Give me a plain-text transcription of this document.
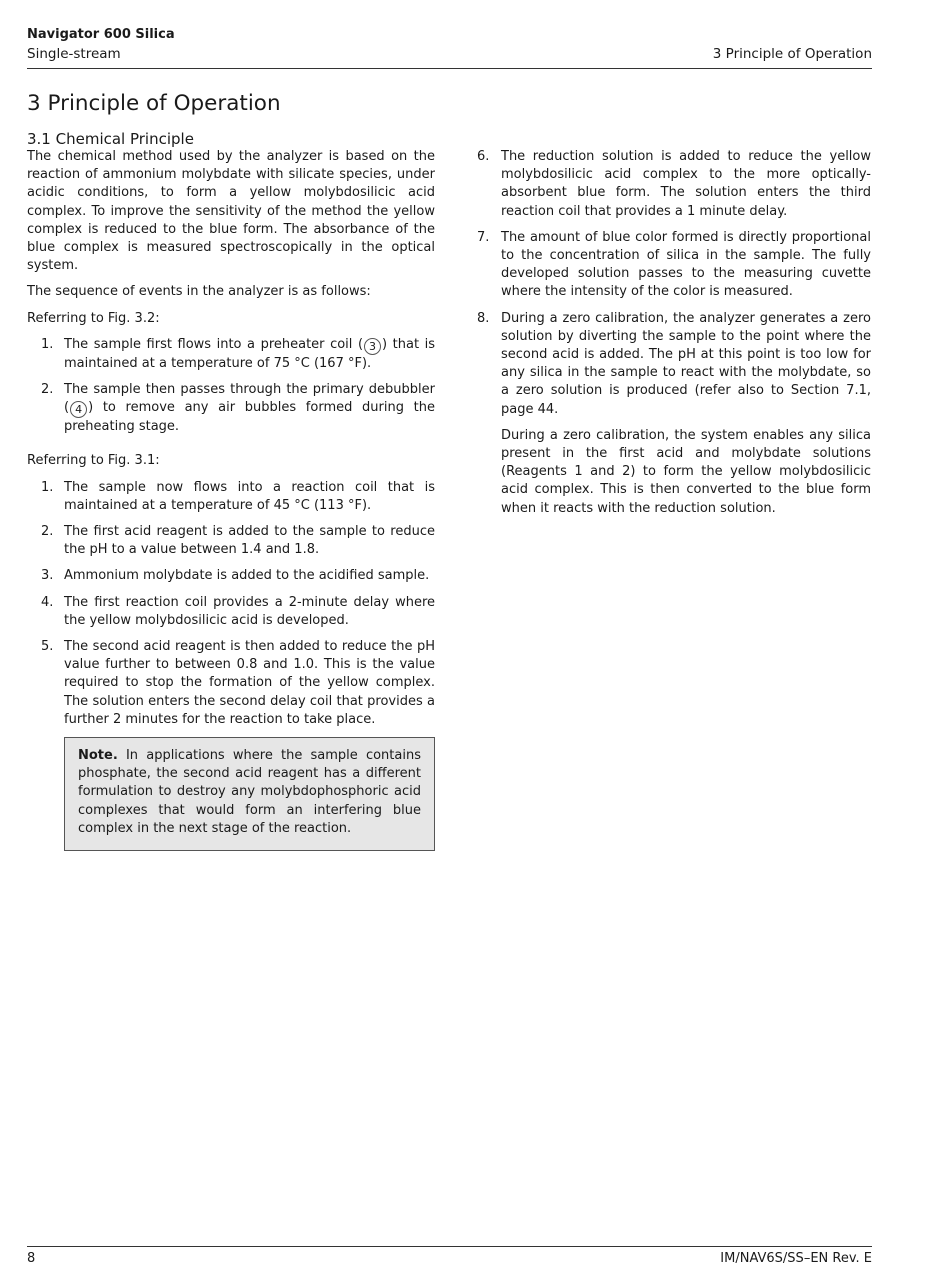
Navigator 600 Silica
Single-stream	3 Principle of Operation
3 Principle of Operation
3.1 Chemical Principle

The chemical method used by the analyzer is based on the reaction of ammonium molybdate with silicate species, under acidic conditions, to form a yellow molybdosilicic acid complex. To improve the sensitivity of the method the yellow complex is reduced to the blue form. The absorbance of the blue complex is measured spectroscopically in the optical system.

The sequence of events in the analyzer is as follows:

Referring to Fig. 3.2:

1. The sample first flows into a preheater coil ( 3 ) that is maintained at a temperature of 75 °C (167 °F).
2. The sample then passes through the primary debubbler ( 4 ) to remove any air bubbles formed during the preheating stage.

Referring to Fig. 3.1:

1. The sample now flows into a reaction coil that is maintained at a temperature of 45 °C (113 °F).
2. The first acid reagent is added to the sample to reduce the pH to a value between 1.4 and 1.8.
3. Ammonium molybdate is added to the acidified sample.
4. The first reaction coil provides a 2-minute delay where the yellow molybdosilicic acid is developed.
5. The second acid reagent is then added to reduce the pH value further to between 0.8 and 1.0. This is the value required to stop the formation of the yellow complex. The solution enters the second delay coil that provides a further 2 minutes for the reaction to take place.
Note. In applications where the sample contains phosphate, the second acid reagent has a different formulation to destroy any molybdophosphoric acid complexes that would form an interfering blue complex in the next stage of the reaction.
6. The reduction solution is added to reduce the yellow molybdosilicic acid complex to the more optically-absorbent blue form. The solution enters the third reaction coil that provides a 1 minute delay.
7. The amount of blue color formed is directly proportional to the concentration of silica in the sample. The fully developed solution passes to the measuring cuvette where the intensity of the color is measured.
8. During a zero calibration, the analyzer generates a zero solution by diverting the sample to the point where the second acid is added. The pH at this point is too low for any silica in the sample to react with the molybdate, so a zero solution is produced (refer also to Section 7.1, page 44.

During a zero calibration, the system enables any silica present in the first acid and molybdate solutions (Reagents 1 and 2) to form the yellow molybdosilicic acid complex. This is then converted to the blue form when it reacts with the reduction solution.

8	IM/NAV6S/SS–EN Rev. E
